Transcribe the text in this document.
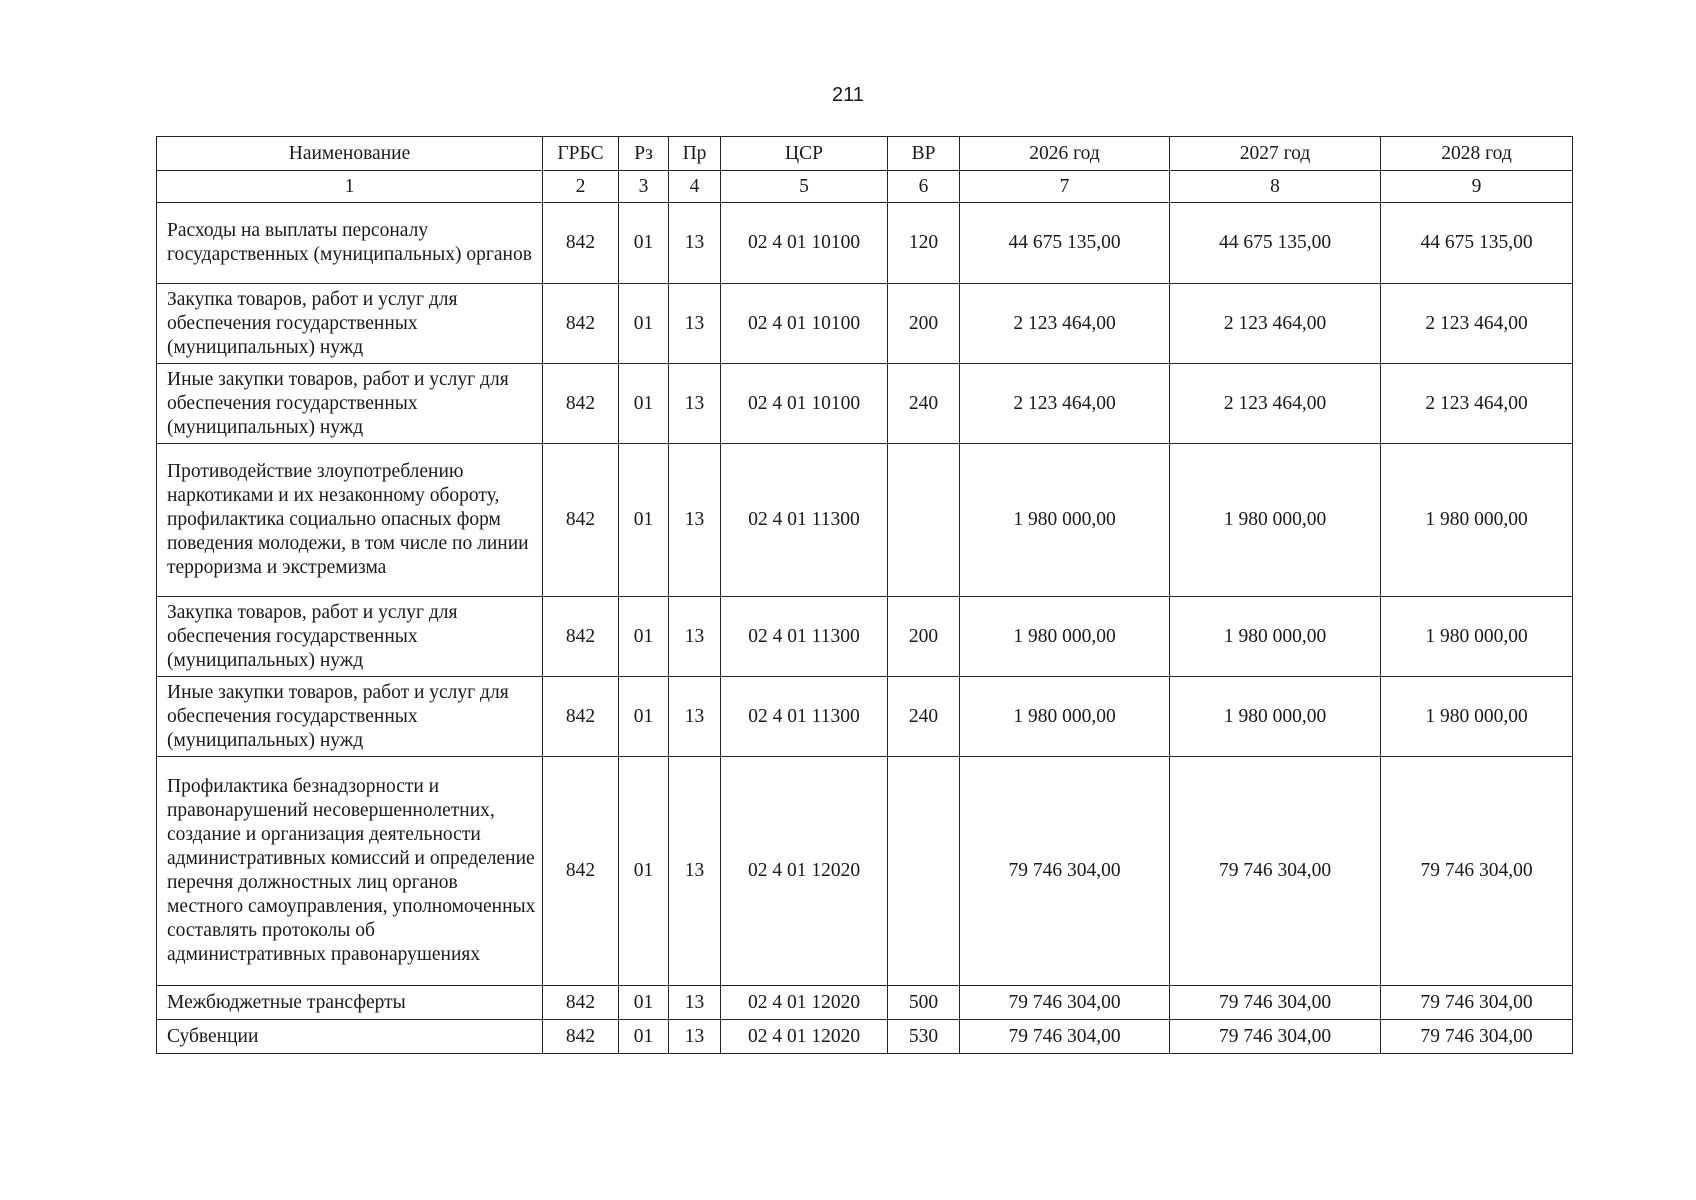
211
Наименование	ГРБС	Рз	Пр	ЦСР	ВР	2026 год	2027 год	2028 год
1	2	3	4	5	6	7	8	9
Расходы на выплаты персоналу государственных (муниципальных) органов	842	01	13	02 4 01 10100	120	44 675 135,00	44 675 135,00	44 675 135,00
Закупка товаров, работ и услуг для обеспечения государственных (муниципальных) нужд	842	01	13	02 4 01 10100	200	2 123 464,00	2 123 464,00	2 123 464,00
Иные закупки товаров, работ и услуг для обеспечения государственных (муниципальных) нужд	842	01	13	02 4 01 10100	240	2 123 464,00	2 123 464,00	2 123 464,00
Противодействие злоупотреблению наркотиками и их незаконному обороту, профилактика социально опасных форм поведения молодежи, в том числе по линии терроризма и экстремизма	842	01	13	02 4 01 11300		1 980 000,00	1 980 000,00	1 980 000,00
Закупка товаров, работ и услуг для обеспечения государственных (муниципальных) нужд	842	01	13	02 4 01 11300	200	1 980 000,00	1 980 000,00	1 980 000,00
Иные закупки товаров, работ и услуг для обеспечения государственных (муниципальных) нужд	842	01	13	02 4 01 11300	240	1 980 000,00	1 980 000,00	1 980 000,00
Профилактика безнадзорности и правонарушений несовершеннолетних, создание и организация деятельности административных комиссий и определение перечня должностных лиц органов местного самоуправления, уполномоченных составлять протоколы об административных правонарушениях	842	01	13	02 4 01 12020		79 746 304,00	79 746 304,00	79 746 304,00
Межбюджетные трансферты	842	01	13	02 4 01 12020	500	79 746 304,00	79 746 304,00	79 746 304,00
Субвенции	842	01	13	02 4 01 12020	530	79 746 304,00	79 746 304,00	79 746 304,00
